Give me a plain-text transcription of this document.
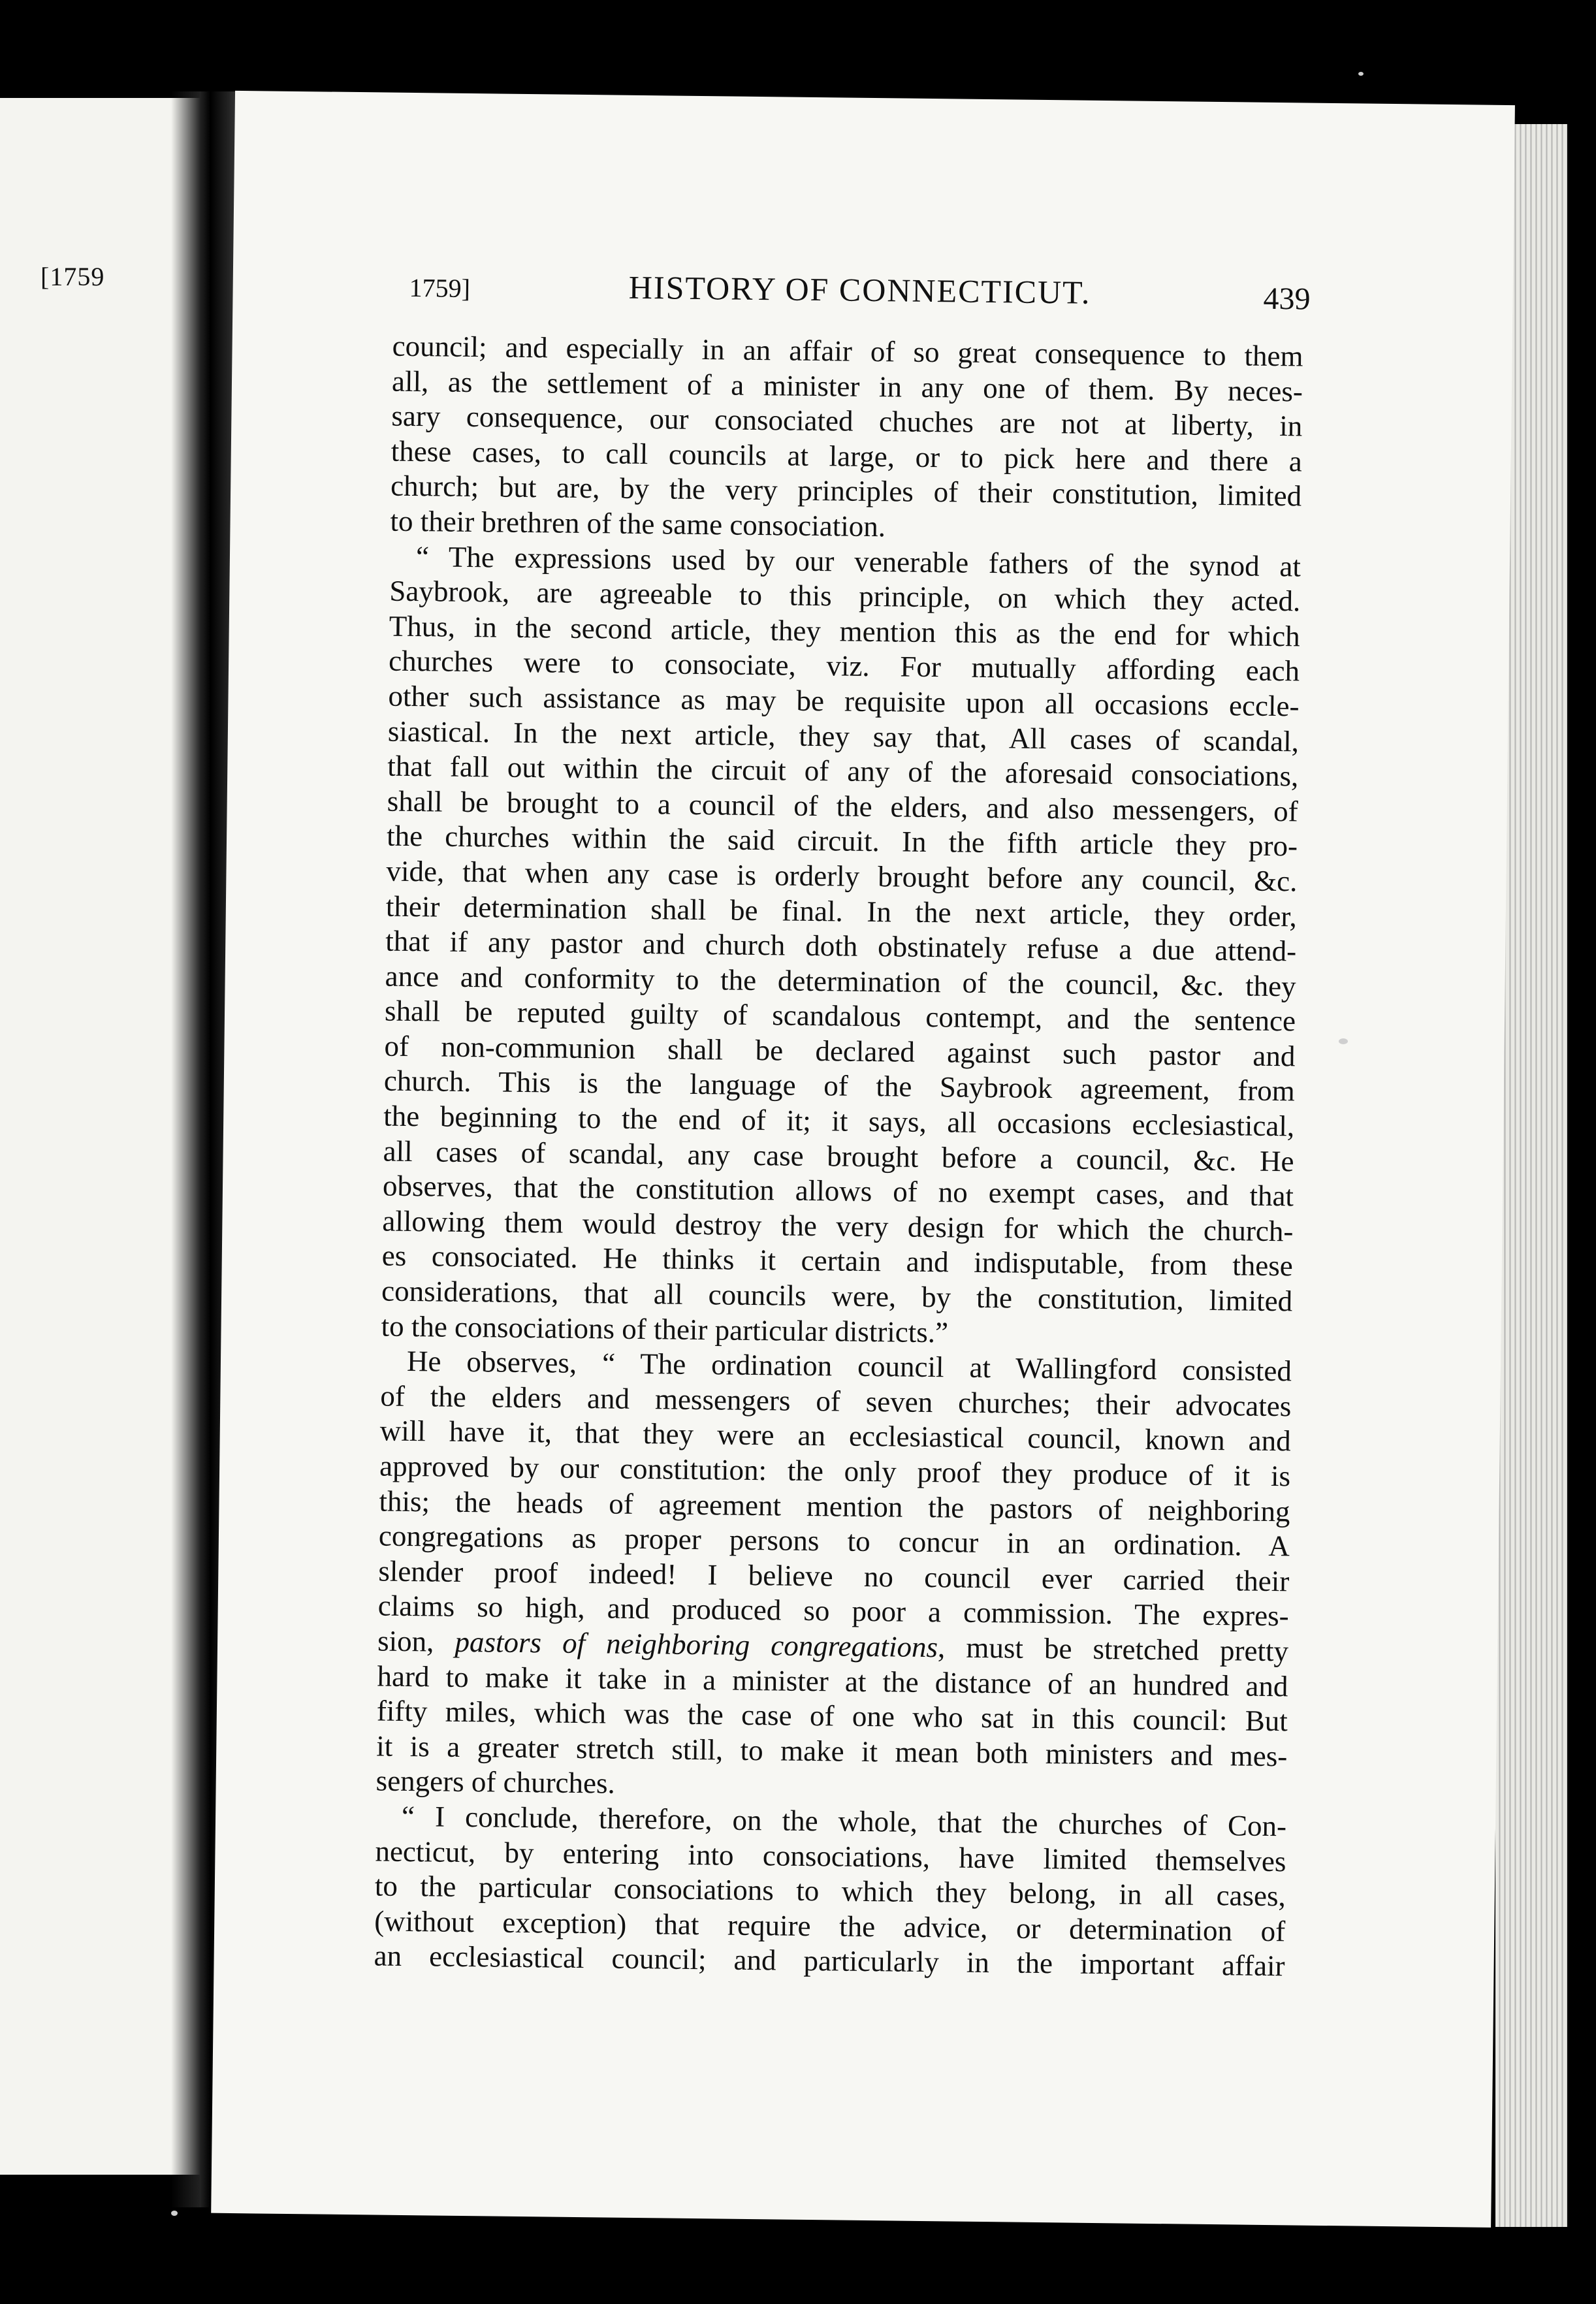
[1759	1759]	HISTORY OF CONNECTICUT.	439
council; and especially in an affair of so great consequence to them
all, as the settlement of a minister in any one of them. By neces-
sary consequence, our consociated chuches are not at liberty, in
these cases, to call councils at large, or to pick here and there a
church; but are, by the very principles of their constitution, limited
to their brethren of the same consociation.
“ The expressions used by our venerable fathers of the synod at
Saybrook, are agreeable to this principle, on which they acted.
Thus, in the second article, they mention this as the end for which
churches were to consociate, viz. For mutually affording each
other such assistance as may be requisite upon all occasions eccle-
siastical. In the next article, they say that, All cases of scandal,
that fall out within the circuit of any of the aforesaid consociations,
shall be brought to a council of the elders, and also messengers, of
the churches within the said circuit. In the fifth article they pro-
vide, that when any case is orderly brought before any council, &c.
their determination shall be final. In the next article, they order,
that if any pastor and church doth obstinately refuse a due attend-
ance and conformity to the determination of the council, &c. they
shall be reputed guilty of scandalous contempt, and the sentence
of non-communion shall be declared against such pastor and
church. This is the language of the Saybrook agreement, from
the beginning to the end of it; it says, all occasions ecclesiastical,
all cases of scandal, any case brought before a council, &c. He
observes, that the constitution allows of no exempt cases, and that
allowing them would destroy the very design for which the church-
es consociated. He thinks it certain and indisputable, from these
considerations, that all councils were, by the constitution, limited
to the consociations of their particular districts.”
He observes, “ The ordination council at Wallingford consisted
of the elders and messengers of seven churches; their advocates
will have it, that they were an ecclesiastical council, known and
approved by our constitution: the only proof they produce of it is
this; the heads of agreement mention the pastors of neighboring
congregations as proper persons to concur in an ordination. A
slender proof indeed! I believe no council ever carried their
claims so high, and produced so poor a commission. The expres-
sion, pastors of neighboring congregations, must be stretched pretty
hard to make it take in a minister at the distance of an hundred and
fifty miles, which was the case of one who sat in this council: But
it is a greater stretch still, to make it mean both ministers and mes-
sengers of churches.
“ I conclude, therefore, on the whole, that the churches of Con-
necticut, by entering into consociations, have limited themselves
to the particular consociations to which they belong, in all cases,
(without exception) that require the advice, or determination of
an ecclesiastical council; and particularly in the important affair
